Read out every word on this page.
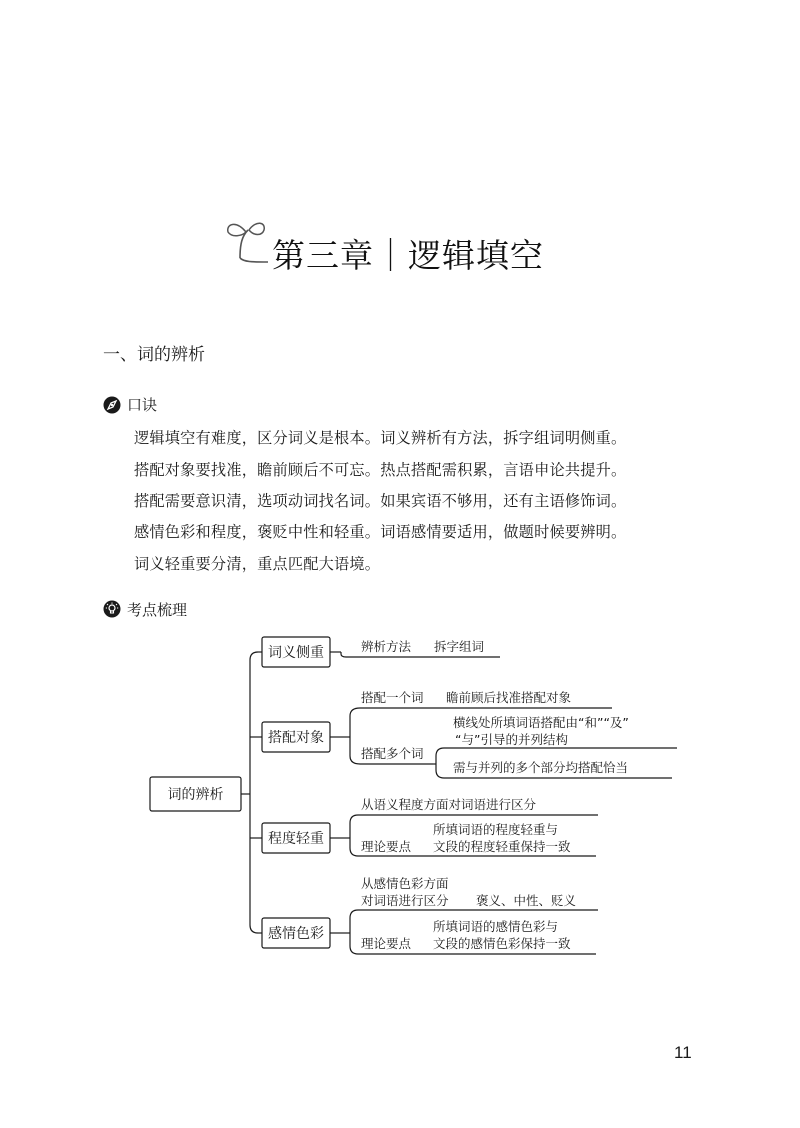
第三章｜逻辑填空
一、词的辨析
口诀
逻辑填空有难度，区分词义是根本。词义辨析有方法，拆字组词明侧重。
搭配对象要找准，瞻前顾后不可忘。热点搭配需积累，言语申论共提升。
搭配需要意识清，选项动词找名词。如果宾语不够用，还有主语修饰词。
感情色彩和程度，褒贬中性和轻重。词语感情要适用，做题时候要辨明。
词义轻重要分清，重点匹配大语境。
考点梳理
词的辨析
词义侧重
搭配对象
程度轻重
感情色彩
辨析方法 拆字组词
搭配一个词 瞻前顾后找准搭配对象
搭配多个词
横线处所填词语搭配由“和”“及”
“与”引导的并列结构
需与并列的多个部分均搭配恰当
从语义程度方面对词语进行区分
理论要点
所填词语的程度轻重与
文段的程度轻重保持一致
从感情色彩方面
对词语进行区分 褒义、中性、贬义
理论要点
所填词语的感情色彩与
文段的感情色彩保持一致
11
